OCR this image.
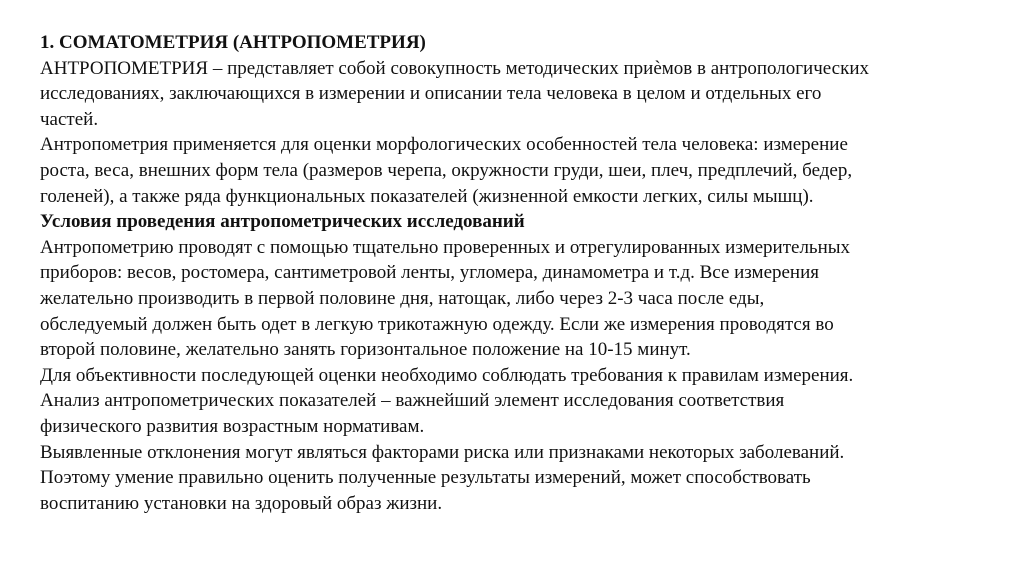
1. СОМАТОМЕТРИЯ (АНТРОПОМЕТРИЯ)
АНТРОПОМЕТРИЯ – представляет собой совокупность методических приѐмов в антропологических
исследованиях, заключающихся в измерении и описании тела человека в целом и отдельных его
частей.
Антропометрия применяется для оценки морфологических особенностей тела человека: измерение
роста, веса, внешних форм тела (размеров черепа, окружности груди, шеи, плеч, предплечий, бедер,
голеней), а также ряда функциональных показателей (жизненной емкости легких, силы мышц).
Условия проведения антропометрических исследований
Антропометрию проводят с помощью тщательно проверенных и отрегулированных измерительных
приборов: весов, ростомера, сантиметровой ленты, угломера, динамометра и т.д. Все измерения
желательно производить в первой половине дня, натощак, либо через 2-3 часа после еды,
обследуемый должен быть одет в легкую трикотажную одежду. Если же измерения проводятся во
второй половине, желательно занять горизонтальное положение на 10-15 минут.
Для объективности последующей оценки необходимо соблюдать требования к правилам измерения.
Анализ антропометрических показателей – важнейший элемент исследования соответствия
физического развития возрастным нормативам.
Выявленные отклонения могут являться факторами риска или признаками некоторых заболеваний.
Поэтому умение правильно оценить полученные результаты измерений, может способствовать
воспитанию установки на здоровый образ жизни.
